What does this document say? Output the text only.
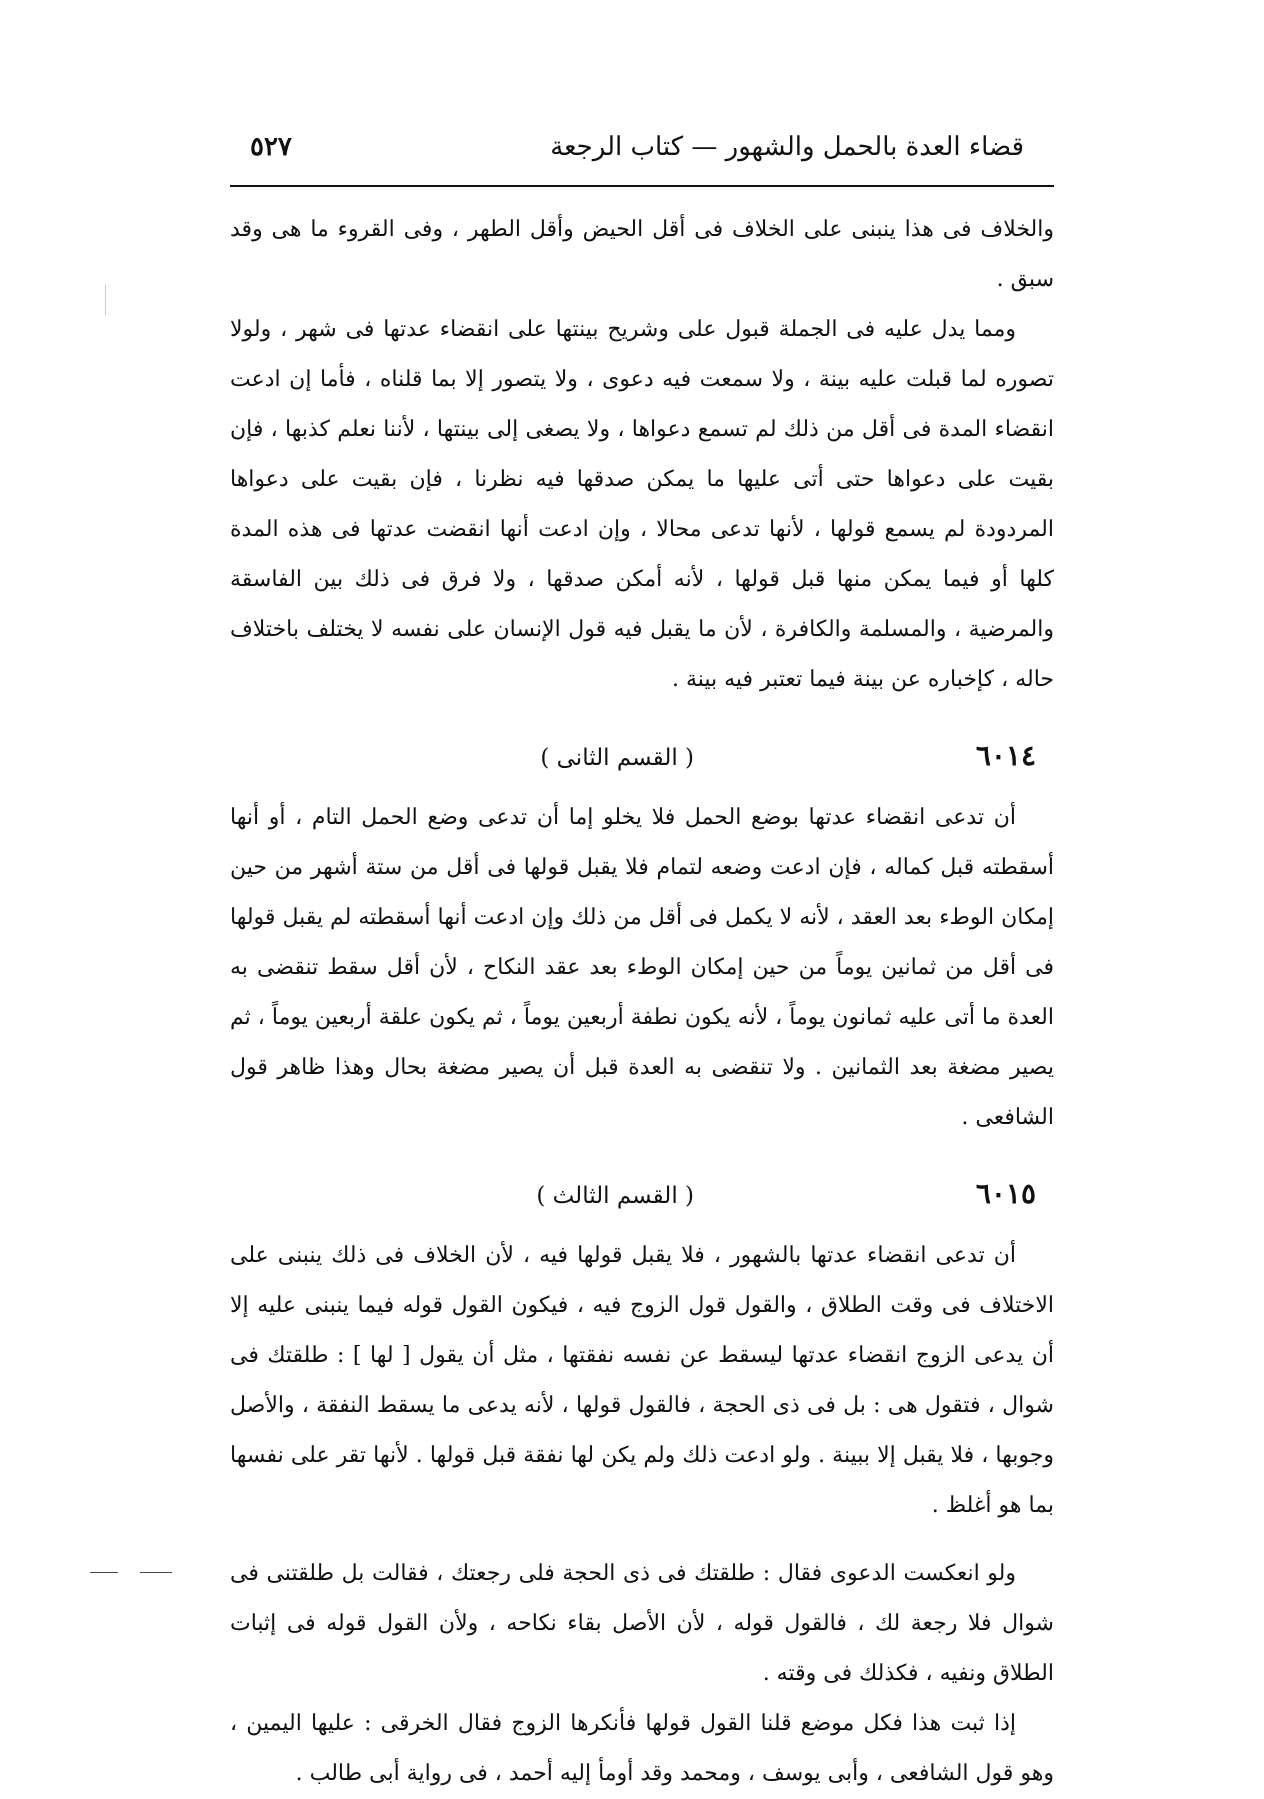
قضاء العدة بالحمل والشهور — كتاب الرجعة
٥٢٧

والخلاف فى هذا ينبنى على الخلاف فى أقل الحيض وأقل الطهر ، وفى القروء ما هى وقد سبق .

ومما يدل عليه فى الجملة قبول على وشريح بينتها على انقضاء عدتها فى شهر ، ولولا تصوره لما قبلت عليه بينة ، ولا سمعت فيه دعوى ، ولا يتصور إلا بما قلناه ، فأما إن ادعت انقضاء المدة فى أقل من ذلك لم تسمع دعواها ، ولا يصغى إلى بينتها ، لأننا نعلم كذبها ، فإن بقيت على دعواها حتى أتى عليها ما يمكن صدقها فيه نظرنا ، فإن بقيت على دعواها المردودة لم يسمع قولها ، لأنها تدعى محالا ، وإن ادعت أنها انقضت عدتها فى هذه المدة كلها أو فيما يمكن منها قبل قولها ، لأنه أمكن صدقها ، ولا فرق فى ذلك بين الفاسقة والمرضية ، والمسلمة والكافرة ، لأن ما يقبل فيه قول الإنسان على نفسه لا يختلف باختلاف حاله ، كإخباره عن بينة فيما تعتبر فيه بينة .

٦٠١٤
( القسم الثانى )

أن تدعى انقضاء عدتها بوضع الحمل فلا يخلو إما أن تدعى وضع الحمل التام ، أو أنها أسقطته قبل كماله ، فإن ادعت وضعه لتمام فلا يقبل قولها فى أقل من ستة أشهر من حين إمكان الوطء بعد العقد ، لأنه لا يكمل فى أقل من ذلك وإن ادعت أنها أسقطته لم يقبل قولها فى أقل من ثمانين يوماً من حين إمكان الوطء بعد عقد النكاح ، لأن أقل سقط تنقضى به العدة ما أتى عليه ثمانون يوماً ، لأنه يكون نطفة أربعين يوماً ، ثم يكون علقة أربعين يوماً ، ثم يصير مضغة بعد الثمانين . ولا تنقضى به العدة قبل أن يصير مضغة بحال وهذا ظاهر قول الشافعى .

٦٠١٥
( القسم الثالث )

أن تدعى انقضاء عدتها بالشهور ، فلا يقبل قولها فيه ، لأن الخلاف فى ذلك ينبنى على الاختلاف فى وقت الطلاق ، والقول قول الزوج فيه ، فيكون القول قوله فيما ينبنى عليه إلا أن يدعى الزوج انقضاء عدتها ليسقط عن نفسه نفقتها ، مثل أن يقول [ لها ] : طلقتك فى شوال ، فتقول هى : بل فى ذى الحجة ، فالقول قولها ، لأنه يدعى ما يسقط النفقة ، والأصل وجوبها ، فلا يقبل إلا ببينة . ولو ادعت ذلك ولم يكن لها نفقة قبل قولها . لأنها تقر على نفسها بما هو أغلظ .

ولو انعكست الدعوى فقال : طلقتك فى ذى الحجة فلى رجعتك ، فقالت بل طلقتنى فى شوال فلا رجعة لك ، فالقول قوله ، لأن الأصل بقاء نكاحه ، ولأن القول قوله فى إثبات الطلاق ونفيه ، فكذلك فى وقته .

إذا ثبت هذا فكل موضع قلنا القول قولها فأنكرها الزوج فقال الخرقى : عليها اليمين ، وهو قول الشافعى ، وأبى يوسف ، ومحمد وقد أومأ إليه أحمد ، فى رواية أبى طالب .
